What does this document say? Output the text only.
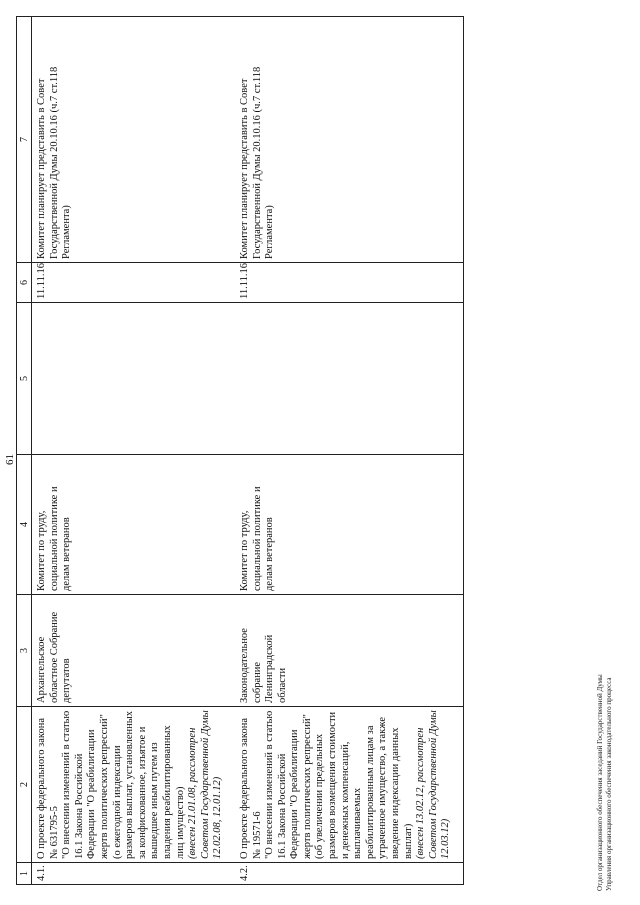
61
1	2	3	4	5	6	7
4.1.	О проекте федерального закона № 631795-5 "О внесении изменений в статью 16.1 Закона Российской Федерации "О реабилитации жертв политических репрессий" (о ежегодной индексации размеров выплат, установленных за конфискованное, изъятое и вышедшее иным путем из владения реабилитированных лиц имущество) (внесен 21.01.08, рассмотрен Советом Государственной Думы 12.02.08, 12.01.12)	Архангельское областное Собрание депутатов	Комитет по труду, социальной политике и делам ветеранов		11.11.16	Комитет планирует представить в Совет Государственной Думы 20.10.16 (ч.7 ст.118 Регламента)
4.2.	О проекте федерального закона № 19571-6 "О внесении изменений в статью 16.1 Закона Российской Федерации "О реабилитации жертв политических репрессий" (об увеличении предельных размеров возмещения стоимости и денежных компенсаций, выплачиваемых реабилитированным лицам за утраченное имущество, а также введение индексации данных выплат) (внесен 13.02.12, рассмотрен Советом Государственной Думы 12.03.12)	Законодательное собрание Ленинградской области	Комитет по труду, социальной политике и делам ветеранов		11.11.16	Комитет планирует представить в Совет Государственной Думы 20.10.16 (ч.7 ст.118 Регламента)
Отдел организационного обеспечения заседаний Государственной Думы Управления организационного обеспечения законодательного процесса
